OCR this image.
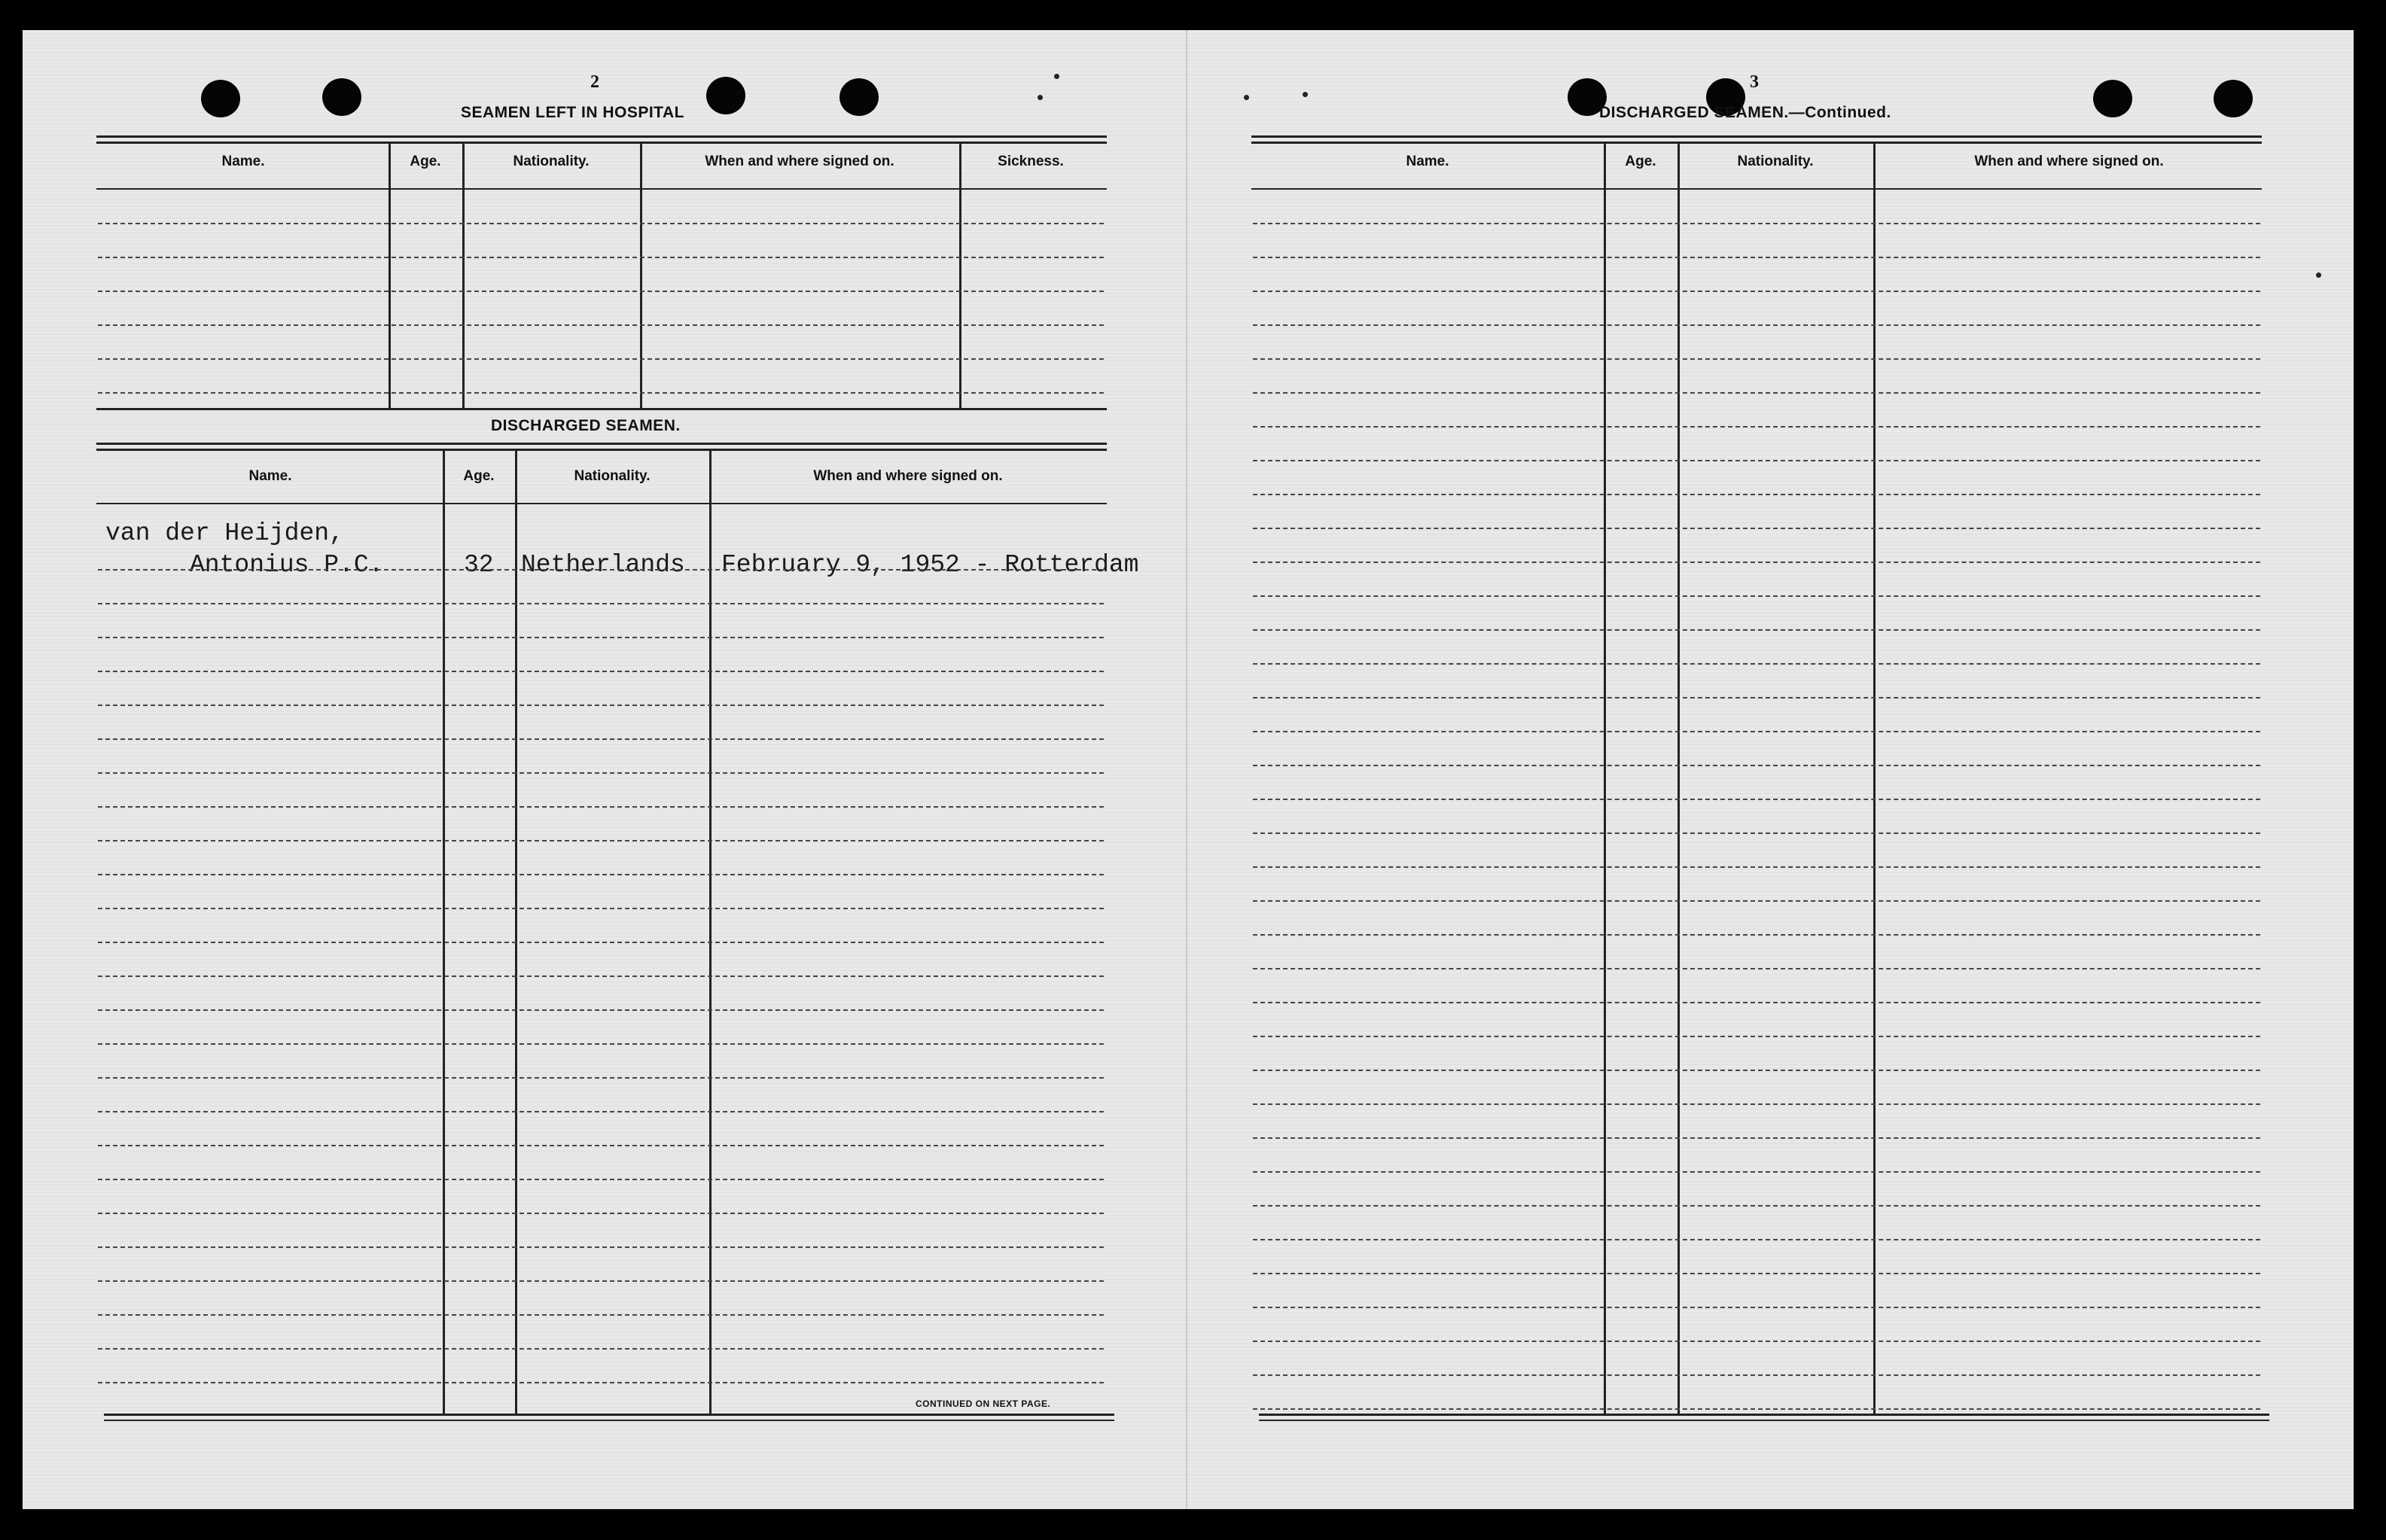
2
SEAMEN LEFT IN HOSPITAL
Name.	Age.	Nationality.	When and where signed on.	Sickness.
DISCHARGED SEAMEN.
Name.	Age.	Nationality.	When and where signed on.
van der Heijden,
Antonius P.C.	32 Netherlands February 9, 1952 - Rotterdam
CONTINUED ON NEXT PAGE.
3
DISCHARGED SEAMEN.—Continued.
Name.	Age.	Nationality.	When and where signed on.
